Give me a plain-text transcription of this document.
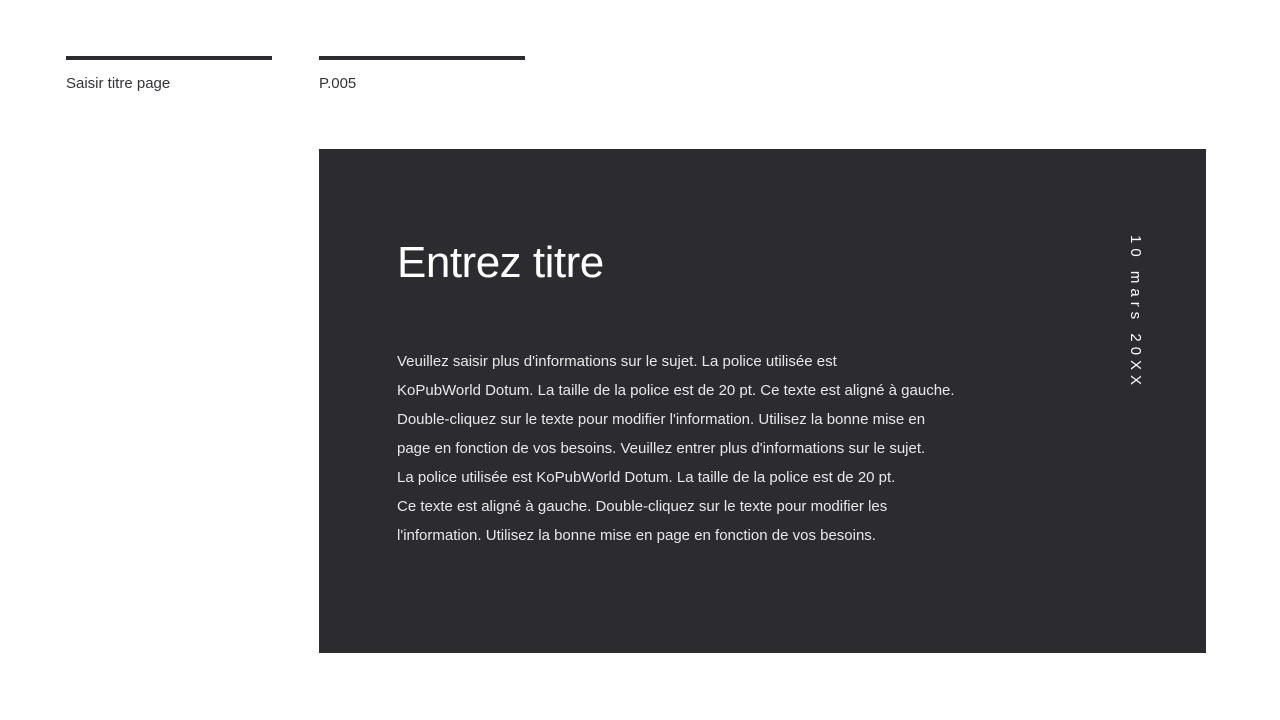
Saisir titre page	P.005
Entrez titre
Veuillez saisir plus d'informations sur le sujet. La police utilisée est
KoPubWorld Dotum. La taille de la police est de 20 pt. Ce texte est aligné à gauche.
Double-cliquez sur le texte pour modifier l'information. Utilisez la bonne mise en
page en fonction de vos besoins. Veuillez entrer plus d'informations sur le sujet.
La police utilisée est KoPubWorld Dotum. La taille de la police est de 20 pt.
Ce texte est aligné à gauche. Double-cliquez sur le texte pour modifier les
l'information. Utilisez la bonne mise en page en fonction de vos besoins.
10 mars 20XX
